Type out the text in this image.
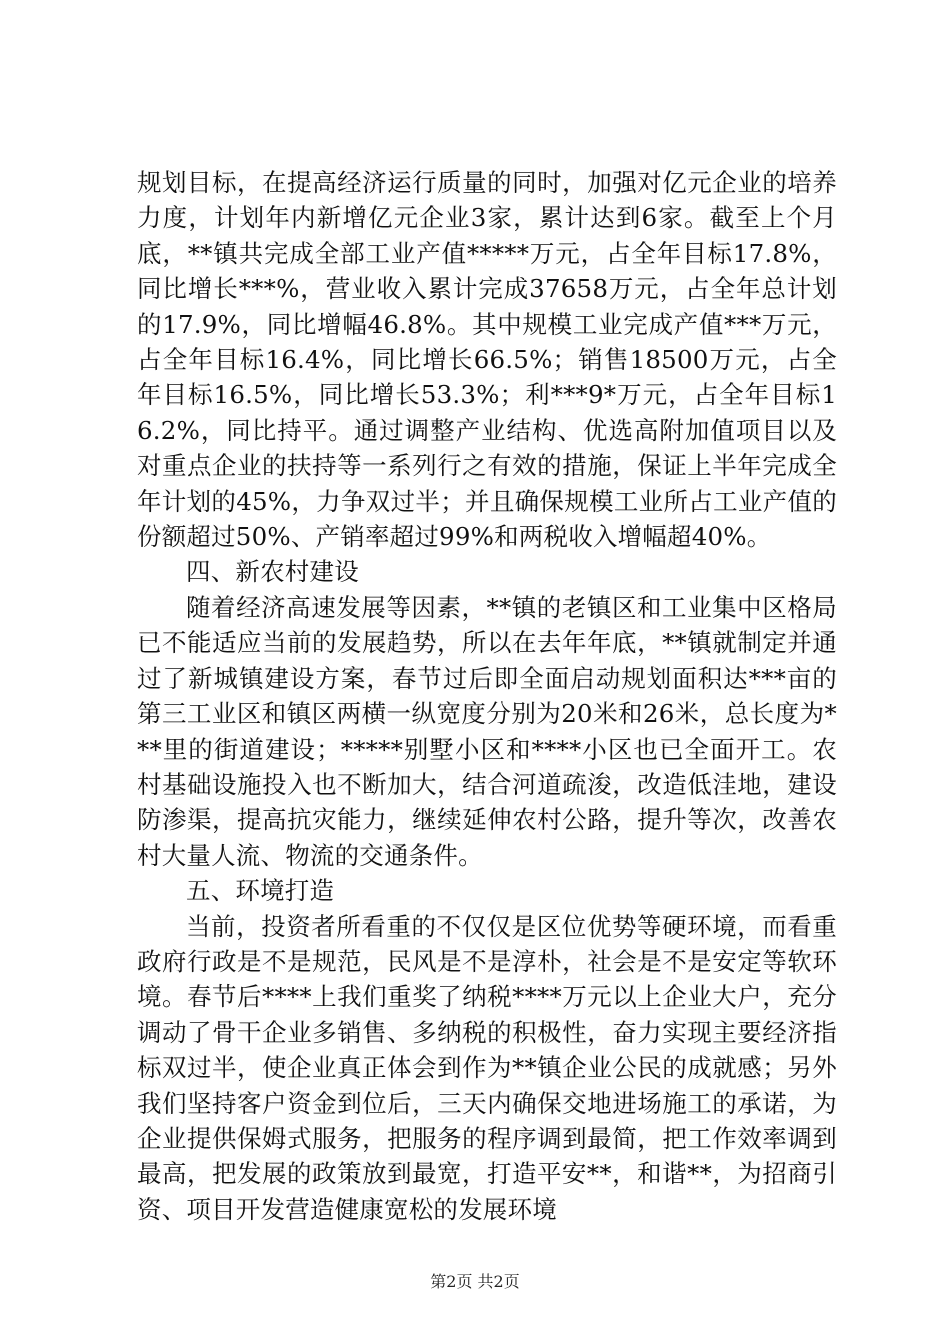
规划目标，在提高经济运行质量的同时，加强对亿元企业的培养力度，计划年内新增亿元企业3家，累计达到6家。截至上个月底，**镇共完成全部工业产值*****万元，占全年目标17.8%，同比增长***%，营业收入累计完成37658万元，占全年总计划的17.9%，同比增幅46.8%。其中规模工业完成产值***万元，占全年目标16.4%，同比增长66.5%；销售18500万元，占全年目标16.5%，同比增长53.3%；利***9*万元，占全年目标16.2%，同比持平。通过调整产业结构、优选高附加值项目以及对重点企业的扶持等一系列行之有效的措施，保证上半年完成全年计划的45%，力争双过半；并且确保规模工业所占工业产值的份额超过50%、产销率超过99%和两税收入增幅超40%。

四、新农村建设

随着经济高速发展等因素，**镇的老镇区和工业集中区格局已不能适应当前的发展趋势，所以在去年年底，**镇就制定并通过了新城镇建设方案，春节过后即全面启动规划面积达***亩的第三工业区和镇区两横一纵宽度分别为20米和26米，总长度为***里的街道建设；*****别墅小区和****小区也已全面开工。农村基础设施投入也不断加大，结合河道疏浚，改造低洼地，建设防渗渠，提高抗灾能力，继续延伸农村公路，提升等次，改善农村大量人流、物流的交通条件。

五、环境打造

当前，投资者所看重的不仅仅是区位优势等硬环境，而看重政府行政是不是规范，民风是不是淳朴，社会是不是安定等软环境。春节后****上我们重奖了纳税****万元以上企业大户，充分调动了骨干企业多销售、多纳税的积极性，奋力实现主要经济指标双过半，使企业真正体会到作为**镇企业公民的成就感；另外我们坚持客户资金到位后，三天内确保交地进场施工的承诺，为企业提供保姆式服务，把服务的程序调到最简，把工作效率调到最高，把发展的政策放到最宽，打造平安**，和谐**，为招商引资、项目开发营造健康宽松的发展环境

第2页 共2页
